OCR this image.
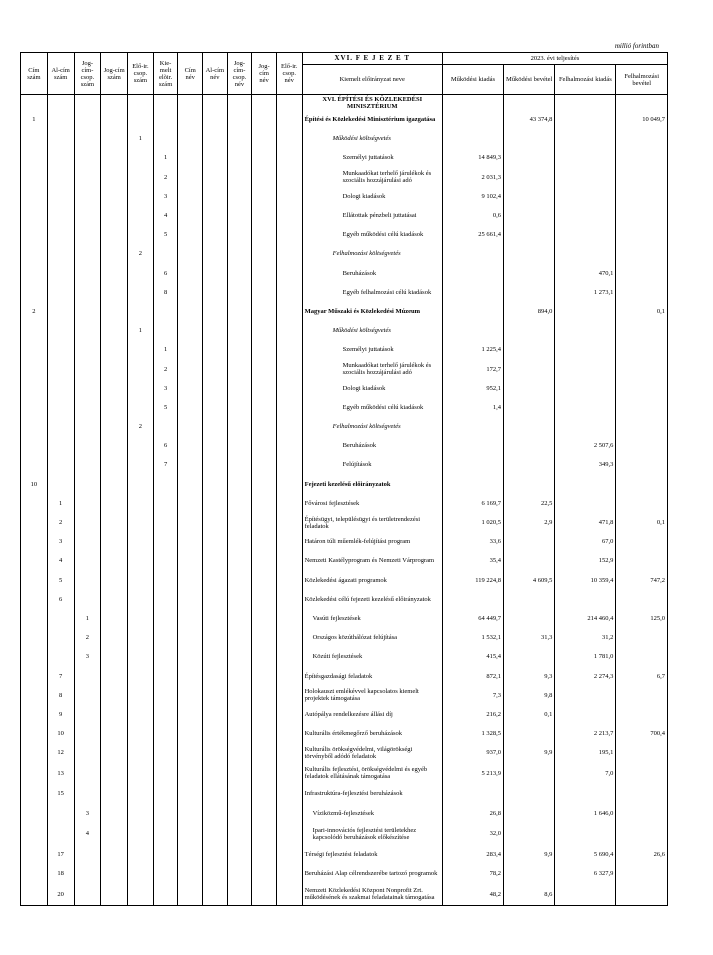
millió forintban
Cím szám	Al-cím szám	Jog-cím-csop. szám	Jog-cím szám	Elő-ir. csop. szám	Kie-melt elõir. szám	Cím név	Al-cím név	Jog-cím-csop. név	Jog-cím név	Elő-ir. csop. név	XVI. F E J E Z E T	2023. évi teljesítés			
											Kiemelt előirányzat neve	Működési kiadás	Működési bevétel	Felhalmozási kiadás	Felhalmozási bevétel
											XVI. ÉPÍTÉSI ÉS KÖZLEKEDÉSI MINISZTÉRIUM				
1											Építési és Közlekedési Minisztérium igazgatása		43 374,8		10 049,7
				1							Működési költségvetés				
					1						Személyi juttatások	14 849,3			
					2						Munkaadókat terhelő járulékok és szociális hozzájárulási adó	2 031,3			
					3						Dologi kiadások	9 102,4			
					4						Ellátottak pénzbeli juttatásai	0,6			
					5						Egyéb működési célú kiadások	25 661,4			
				2							Felhalmozási költségvetés				
					6						Beruházások			470,1	
					8						Egyéb felhalmozási célú kiadások			1 273,1	
2											Magyar Műszaki és Közlekedési Múzeum		894,0		0,1
				1							Működési költségvetés				
					1						Személyi juttatások	1 225,4			
					2						Munkaadókat terhelő járulékok és szociális hozzájárulási adó	172,7			
					3						Dologi kiadások	952,1			
					5						Egyéb működési célú kiadások	1,4			
				2							Felhalmozási költségvetés				
					6						Beruházások			2 507,6	
					7						Felújítások			349,3	
10											Fejezeti kezelésű előirányzatok				
	1										Fővárosi fejlesztések	6 169,7	22,5		
	2										Építésügyi, településügyi és területrendezési feladatok	1 020,5	2,9	471,8	0,1
	3										Határon túli műemlék-felújítási program	33,6		67,0	
	4										Nemzeti Kastélyprogram és Nemzeti Várprogram	35,4		152,9	
	5										Közlekedési ágazati programok	119 224,8	4 609,5	10 359,4	747,2
	6										Közlekedési célú fejezeti kezelésű előirányzatok				
		1									Vasúti fejlesztések	64 449,7		214 460,4	125,0
		2									Országos közúthálózat felújítása	1 532,1	31,3	31,2	
		3									Közúti fejlesztések	415,4		1 781,0	
	7										Építésgazdasági feladatok	872,1	9,3	2 274,3	6,7
	8										Holokauszt emlékévvel kapcsolatos kiemelt projektek támogatása	7,3	9,8		
	9										Autópálya rendelkezésre állási díj	216,2	0,1		
	10										Kulturális értékmegőrző beruházások	1 328,5		2 213,7	700,4
	12										Kulturális örökségvédelmi, világörökségi törvényből adódó feladatok	937,0	9,9	195,1	
	13										Kulturális fejlesztési, örökségvédelmi és egyéb feladatok ellátásának támogatása	5 213,9		7,0	
	15										Infrastruktúra-fejlesztési beruházások				
		3									Víziközmű-fejlesztések	26,8		1 646,0	
		4									Ipari-innovációs fejlesztési területekhez kapcsolódó beruházások előkészítése	32,0			
	17										Térségi fejlesztési feladatok	283,4	9,9	5 690,4	26,6
	18										Beruházási Alap célrendszerébe tartozó programok	78,2		6 327,9	
	20										Nemzeti Közlekedési Központ Nonprofit Zrt. működésének és szakmai feladatainak támogatása	48,2	8,6		
